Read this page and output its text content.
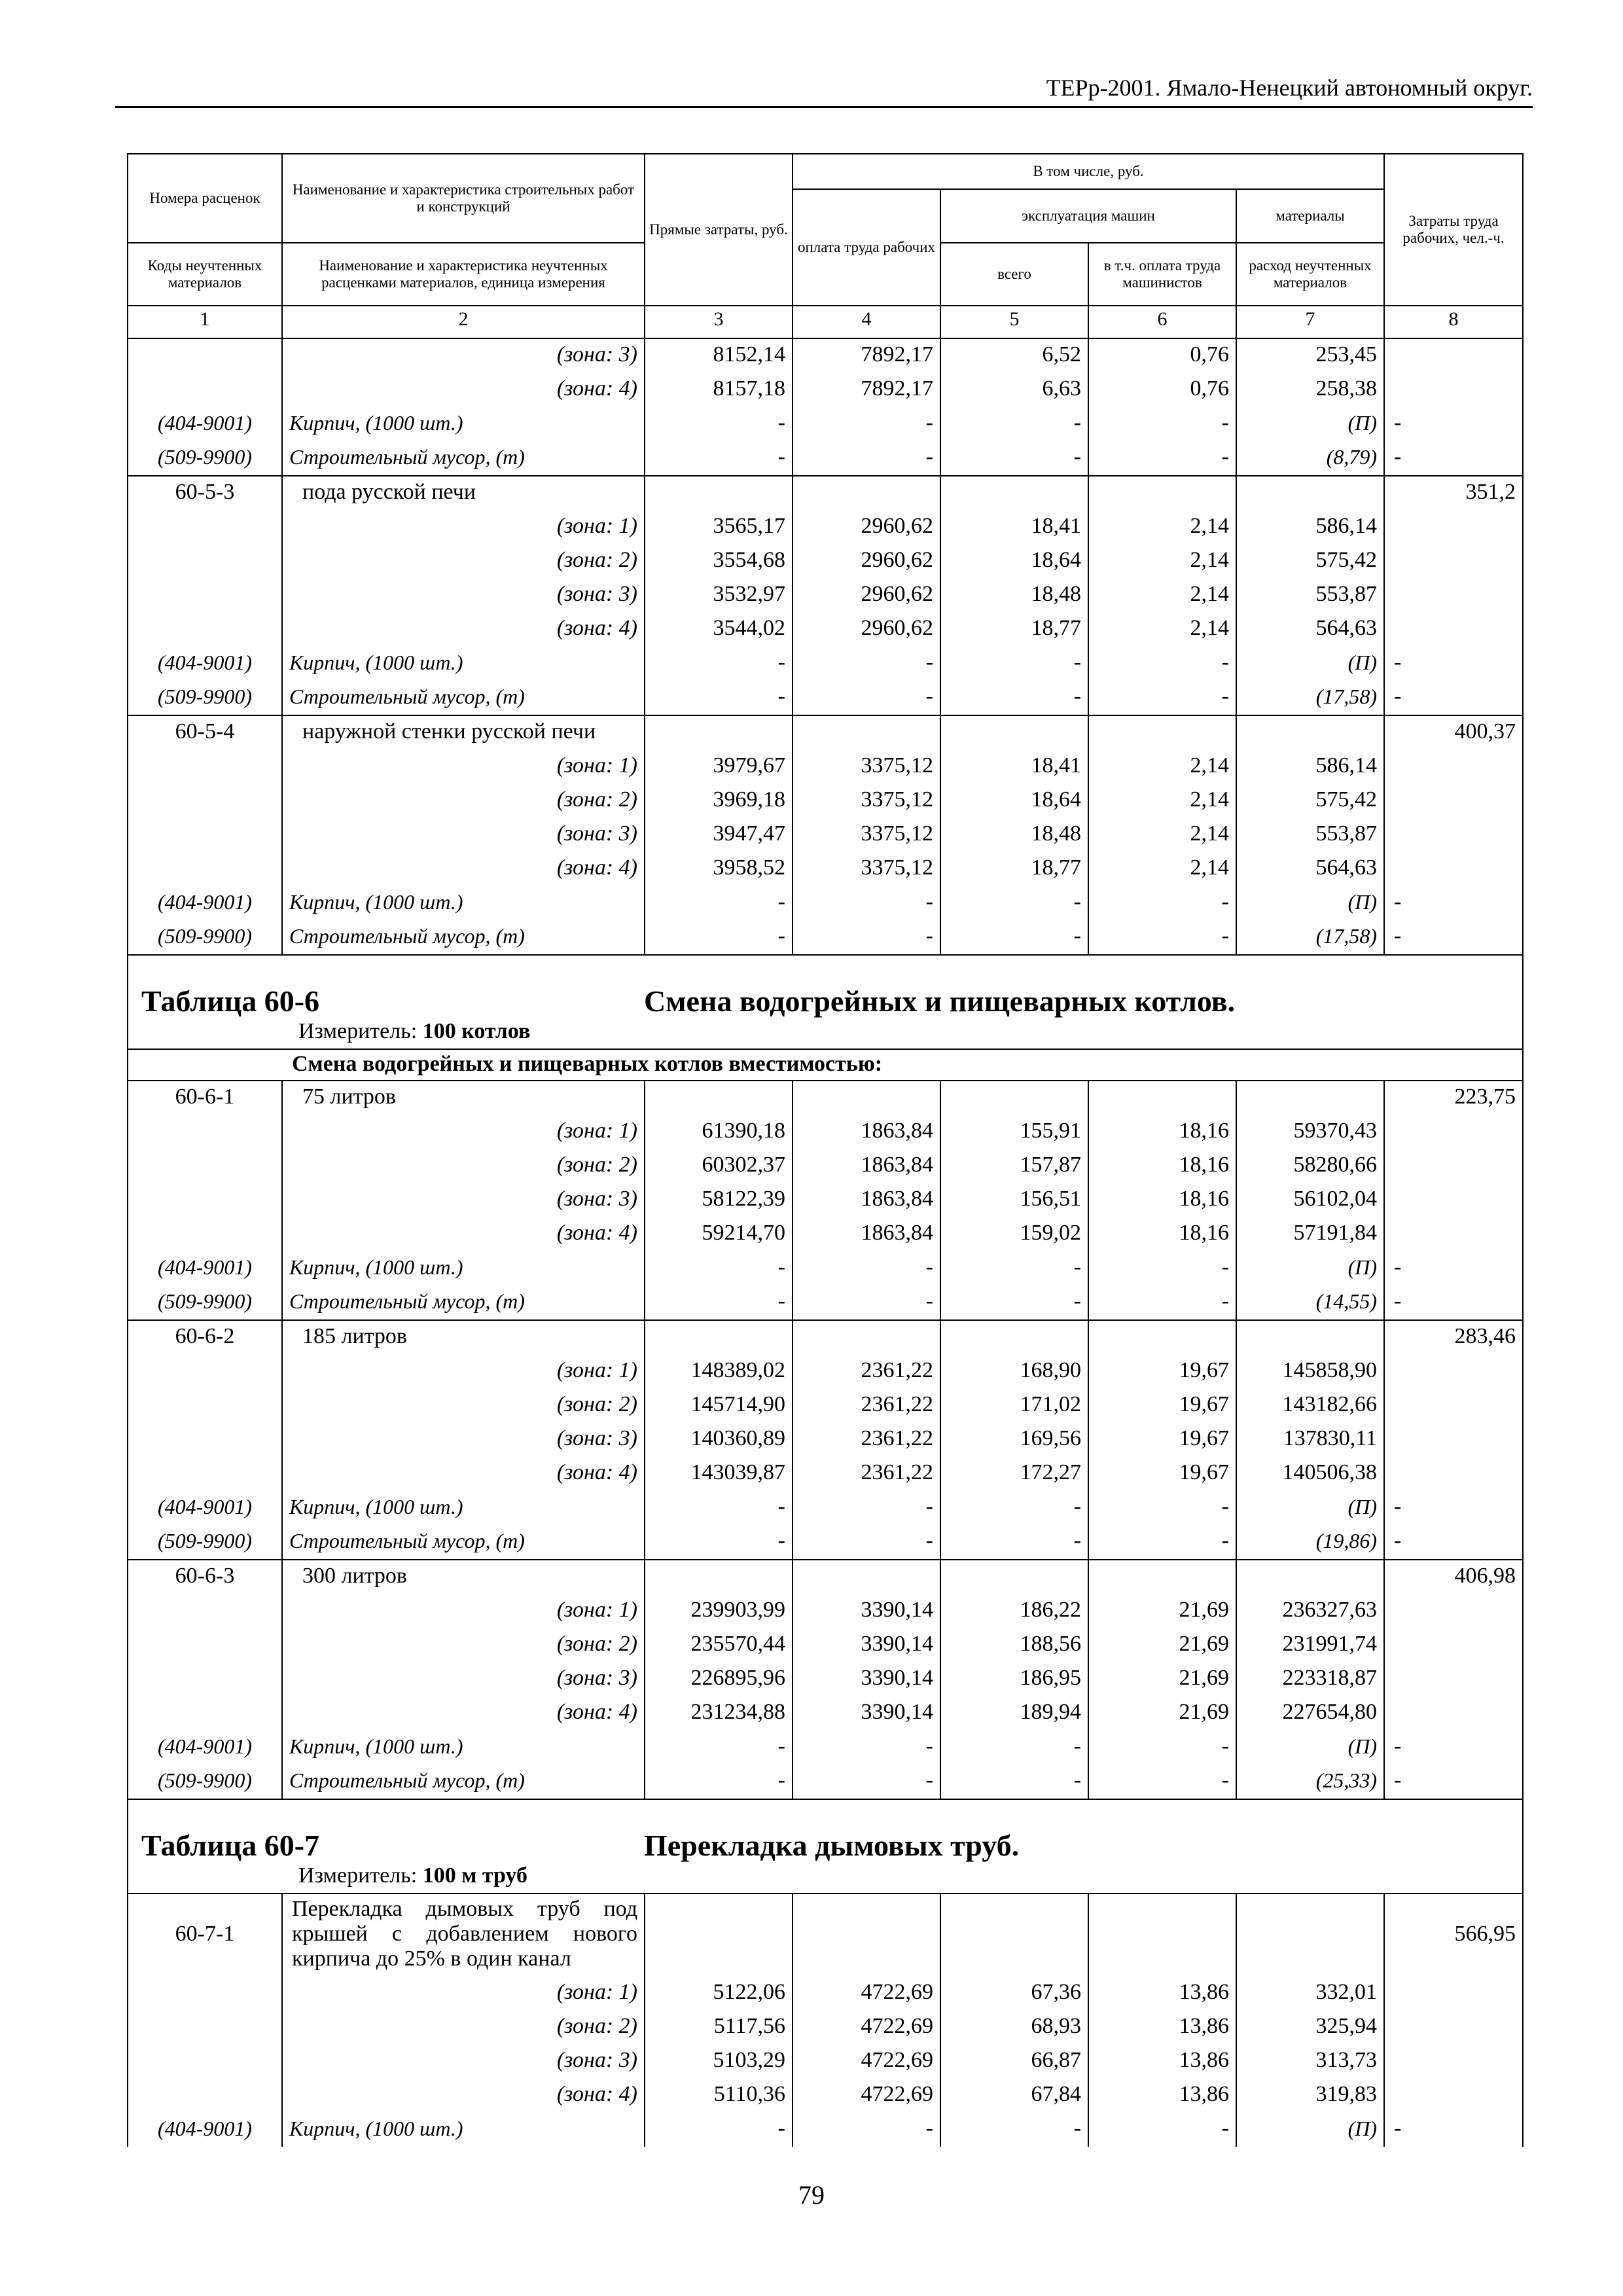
ТЕРр-2001. Ямало-Ненецкий автономный округ.
Номера расценок	Наименование и характеристика строительных работ и конструкций	Прямые затраты, руб.	В том числе, руб.				Затраты труда рабочих, чел.-ч.
			оплата труда рабочих	эксплуатация машин		материалы	
Коды неучтенных материалов	Наименование и характеристика неучтенных расценками материалов, единица измерения			всего	в т.ч. оплата труда машинистов	расход неучтенных материалов	
1	2	3	4	5	6	7	8
	(зона: 3)	8152,14	7892,17	6,52	0,76	253,45	
	(зона: 4)	8157,18	7892,17	6,63	0,76	258,38	
(404-9001)	Кирпич, (1000 шт.)	-	-	-	-	(П)	-
(509-9900)	Строительный мусор, (т)	-	-	-	-	(8,79)	-
60-5-3	пода русской печи						351,2
	(зона: 1)	3565,17	2960,62	18,41	2,14	586,14	
	(зона: 2)	3554,68	2960,62	18,64	2,14	575,42	
	(зона: 3)	3532,97	2960,62	18,48	2,14	553,87	
	(зона: 4)	3544,02	2960,62	18,77	2,14	564,63	
(404-9001)	Кирпич, (1000 шт.)	-	-	-	-	(П)	-
(509-9900)	Строительный мусор, (т)	-	-	-	-	(17,58)	-
60-5-4	наружной стенки русской печи						400,37
	(зона: 1)	3979,67	3375,12	18,41	2,14	586,14	
	(зона: 2)	3969,18	3375,12	18,64	2,14	575,42	
	(зона: 3)	3947,47	3375,12	18,48	2,14	553,87	
	(зона: 4)	3958,52	3375,12	18,77	2,14	564,63	
(404-9001)	Кирпич, (1000 шт.)	-	-	-	-	(П)	-
(509-9900)	Строительный мусор, (т)	-	-	-	-	(17,58)	-
Таблица 60-6 Смена водогрейных и пищеварных котлов.							

Измеритель: 100 котлов							

Смена водогрейных и пищеварных котлов вместимостью:							
60-6-1	75 литров						223,75
	(зона: 1)	61390,18	1863,84	155,91	18,16	59370,43	
	(зона: 2)	60302,37	1863,84	157,87	18,16	58280,66	
	(зона: 3)	58122,39	1863,84	156,51	18,16	56102,04	
	(зона: 4)	59214,70	1863,84	159,02	18,16	57191,84	
(404-9001)	Кирпич, (1000 шт.)	-	-	-	-	(П)	-
(509-9900)	Строительный мусор, (т)	-	-	-	-	(14,55)	-
60-6-2	185 литров						283,46
	(зона: 1)	148389,02	2361,22	168,90	19,67	145858,90	
	(зона: 2)	145714,90	2361,22	171,02	19,67	143182,66	
	(зона: 3)	140360,89	2361,22	169,56	19,67	137830,11	
	(зона: 4)	143039,87	2361,22	172,27	19,67	140506,38	
(404-9001)	Кирпич, (1000 шт.)	-	-	-	-	(П)	-
(509-9900)	Строительный мусор, (т)	-	-	-	-	(19,86)	-
60-6-3	300 литров						406,98
	(зона: 1)	239903,99	3390,14	186,22	21,69	236327,63	
	(зона: 2)	235570,44	3390,14	188,56	21,69	231991,74	
	(зона: 3)	226895,96	3390,14	186,95	21,69	223318,87	
	(зона: 4)	231234,88	3390,14	189,94	21,69	227654,80	
(404-9001)	Кирпич, (1000 шт.)	-	-	-	-	(П)	-
(509-9900)	Строительный мусор, (т)	-	-	-	-	(25,33)	-
Таблица 60-7 Перекладка дымовых труб.							

Измеритель: 100 м труб							

60-7-1	Перекладка дымовых труб под крышей с добавлением нового кирпича до 25% в один канал						566,95
	(зона: 1)	5122,06	4722,69	67,36	13,86	332,01	
	(зона: 2)	5117,56	4722,69	68,93	13,86	325,94	
	(зона: 3)	5103,29	4722,69	66,87	13,86	313,73	
	(зона: 4)	5110,36	4722,69	67,84	13,86	319,83	
(404-9001)	Кирпич, (1000 шт.)	-	-	-	-	(П)	-
79
